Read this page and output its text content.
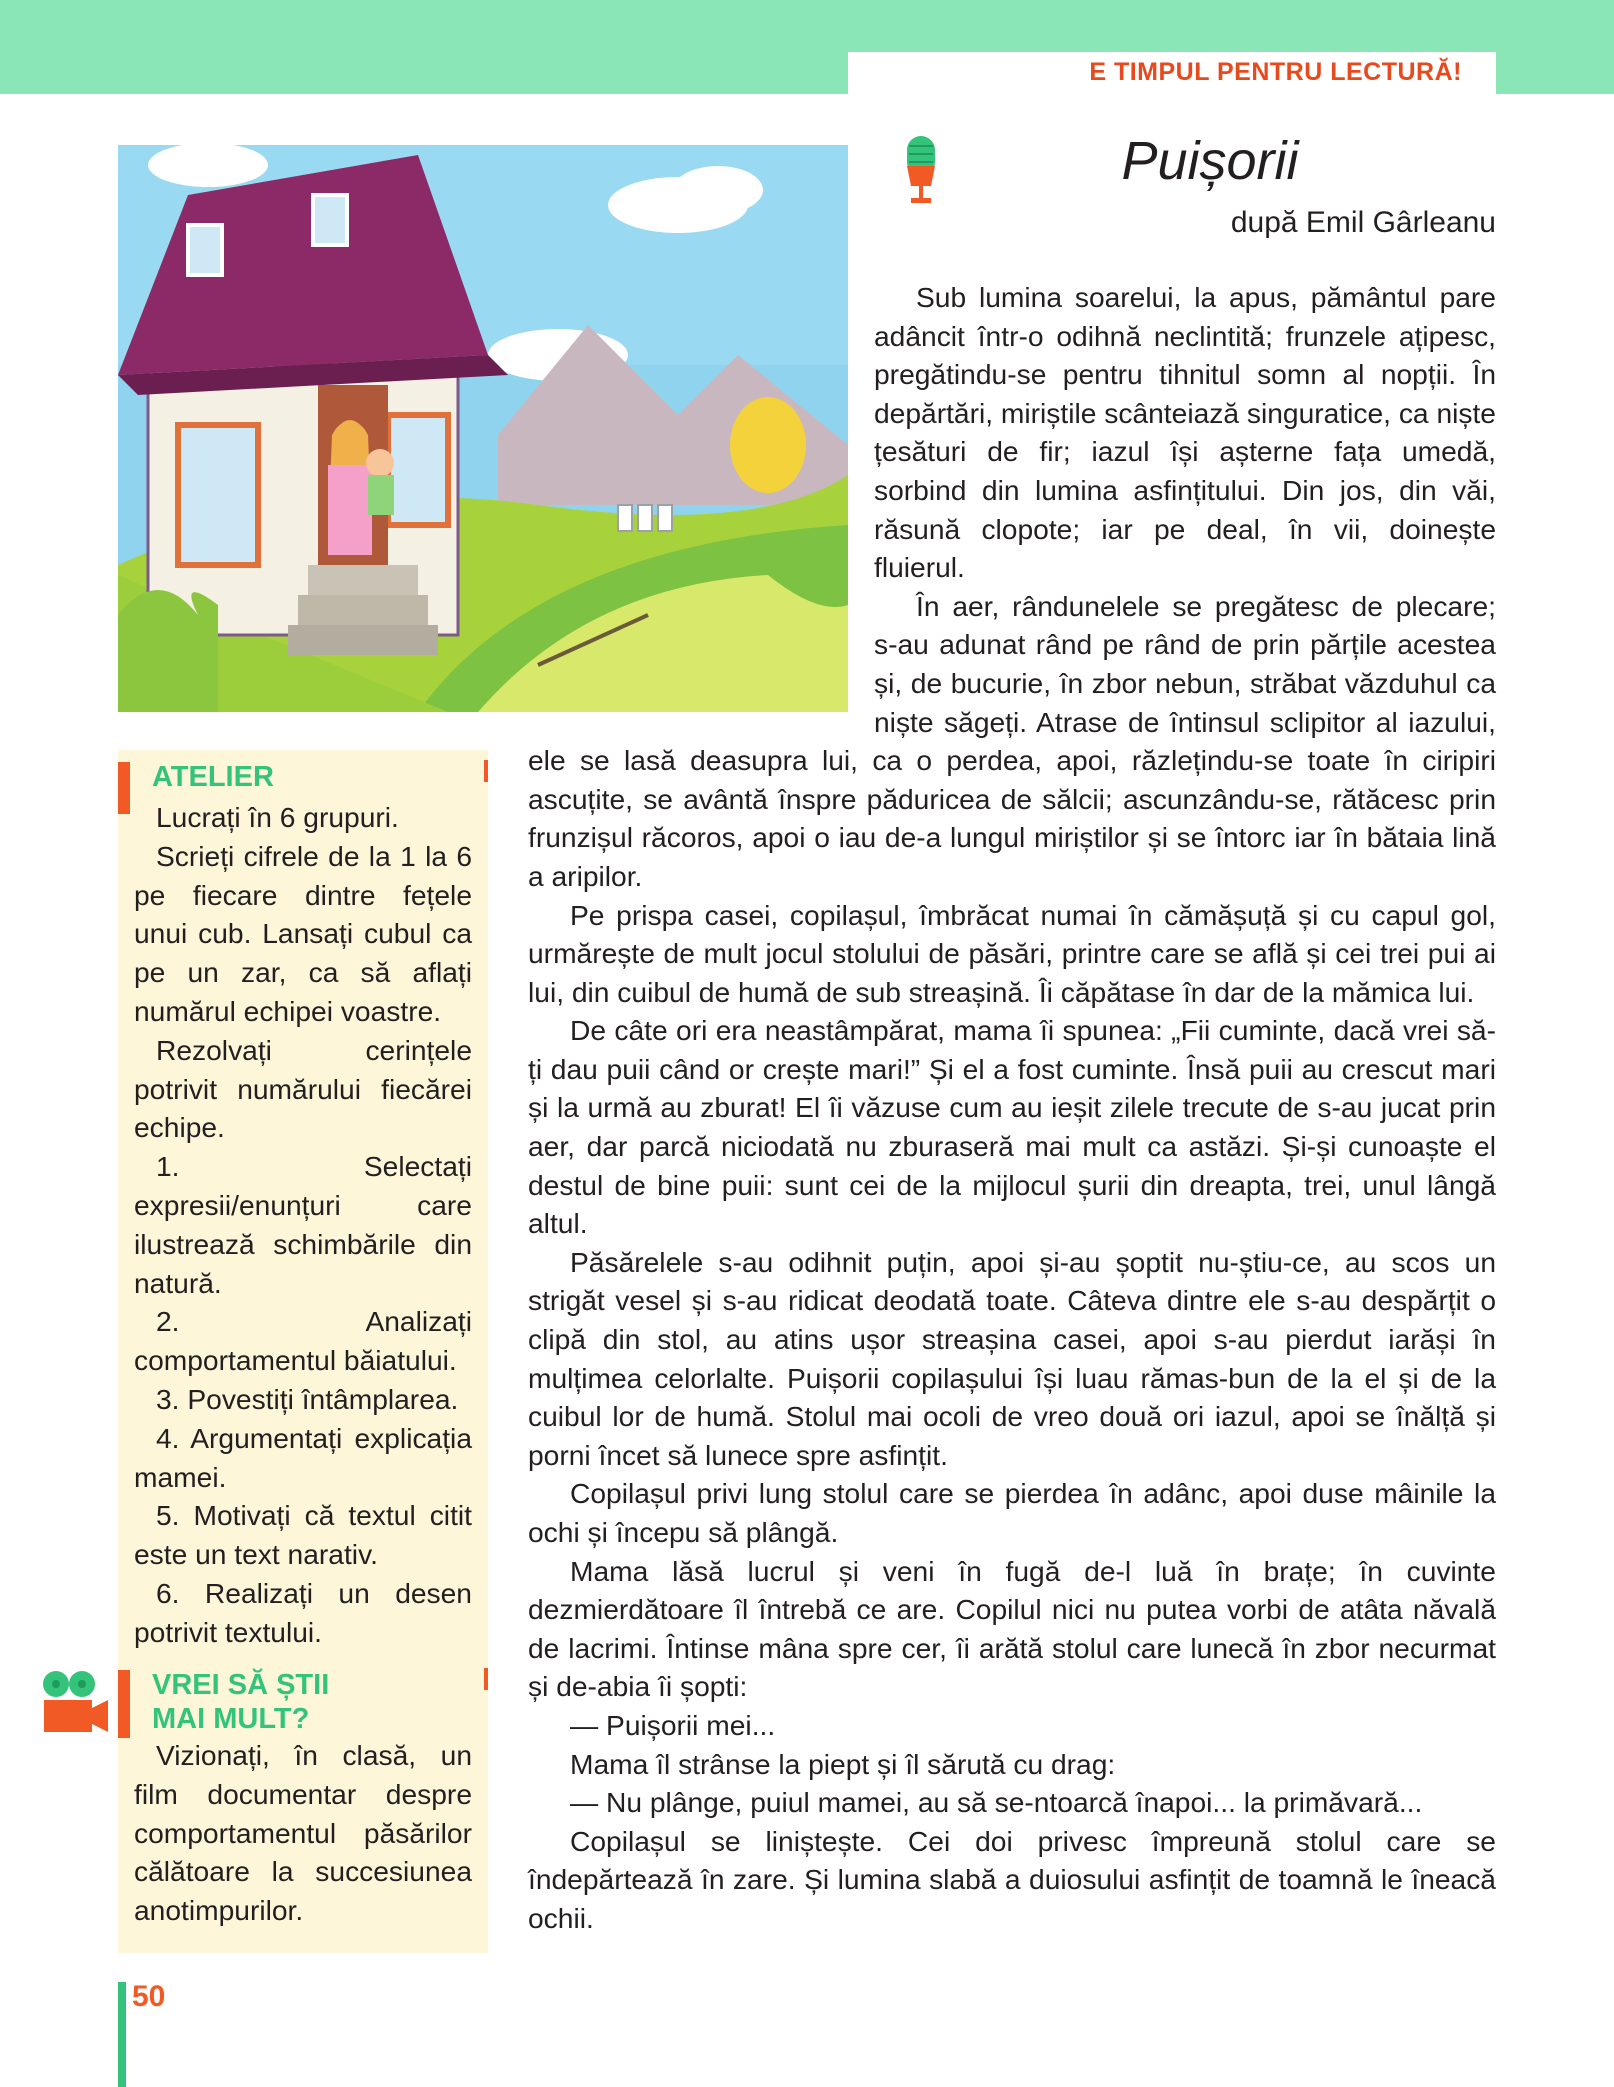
E TIMPUL PENTRU LECTURĂ!
Puișorii
după Emil Gârleanu

Sub lumina soarelui, la apus, pământul pare adâncit într-o odihnă neclintită; frunzele ațipesc, pregătindu-se pentru tihnitul somn al nopții. În depărtări, miriștile scânteiază singuratice, ca niște țesături de fir; iazul își așterne fața umedă, sorbind din lumina asfințitului. Din jos, din văi, răsună clopote; iar pe deal, în vii, doinește fluierul.

În aer, rândunelele se pregătesc de plecare; s-au adunat rând pe rând de prin părțile acestea și, de bucurie, în zbor nebun, străbat văzduhul ca niște săgeți. Atrase de întinsul sclipitor al iazului, ele se lasă deasupra lui, ca o perdea, apoi, răzlețindu-se toate în ciripiri ascuțite, se avântă înspre păduricea de sălcii; ascunzându-se, rătăcesc prin frunzișul răcoros, apoi o iau de-a lungul miriștilor și se întorc iar în bătaia lină a aripilor.

Pe prispa casei, copilașul, îmbrăcat numai în cămășuță și cu capul gol, urmărește de mult jocul stolului de păsări, printre care se află și cei trei pui ai lui, din cuibul de humă de sub streașină. Îi căpătase în dar de la mămica lui.

De câte ori era neastâmpărat, mama îi spunea: „Fii cuminte, dacă vrei să-ți dau puii când or crește mari!” Și el a fost cuminte. Însă puii au crescut mari și la urmă au zburat! El îi văzuse cum au ieșit zilele trecute de s-au jucat prin aer, dar parcă niciodată nu zburaseră mai mult ca astăzi. Și-și cunoaște el destul de bine puii: sunt cei de la mijlocul șurii din dreapta, trei, unul lângă altul.

Păsărelele s-au odihnit puțin, apoi și-au șoptit nu-știu-ce, au scos un strigăt vesel și s-au ridicat deodată toate. Câteva dintre ele s-au despărțit o clipă din stol, au atins ușor streașina casei, apoi s-au pierdut iarăși în mulțimea celorlalte. Puișorii copilașului își luau rămas-bun de la el și de la cuibul lor de humă. Stolul mai ocoli de vreo două ori iazul, apoi se înălță și porni încet să lunece spre asfințit.

Copilașul privi lung stolul care se pierdea în adânc, apoi duse mâinile la ochi și începu să plângă.

Mama lăsă lucrul și veni în fugă de-l luă în brațe; în cuvinte dezmierdătoare îl întrebă ce are. Copilul nici nu putea vorbi de atâta năvală de lacrimi. Întinse mâna spre cer, îi arătă stolul care lunecă în zbor necurmat și de-abia îi șopti:

— Puișorii mei...

Mama îl strânse la piept și îl sărută cu drag:

— Nu plânge, puiul mamei, au să se-ntoarcă înapoi... la primăvară...

Copilașul se liniștește. Cei doi privesc împreună stolul care se îndepărtează în zare. Și lumina slabă a duiosului asfințit de toamnă le îneacă ochii.

ATELIER

Lucrați în 6 grupuri.

Scrieți cifrele de la 1 la 6 pe fiecare dintre fețele unui cub. Lansați cubul ca pe un zar, ca să aflați numărul echipei voastre.

Rezolvați cerințele potrivit numărului fiecărei echipe.

1. Selectați expresii/enunțuri care ilustrează schimbările din natură.

2. Analizați comportamentul băiatului.

3. Povestiți întâmplarea.

4. Argumentați explicația mamei.

5. Motivați că textul citit este un text narativ.

6. Realizați un desen potrivit textului.

VREI SĂ ȘTII
MAI MULT?

Vizionați, în clasă, un film documentar despre comportamentul păsărilor călătoare la succesiunea anotimpurilor.

50
